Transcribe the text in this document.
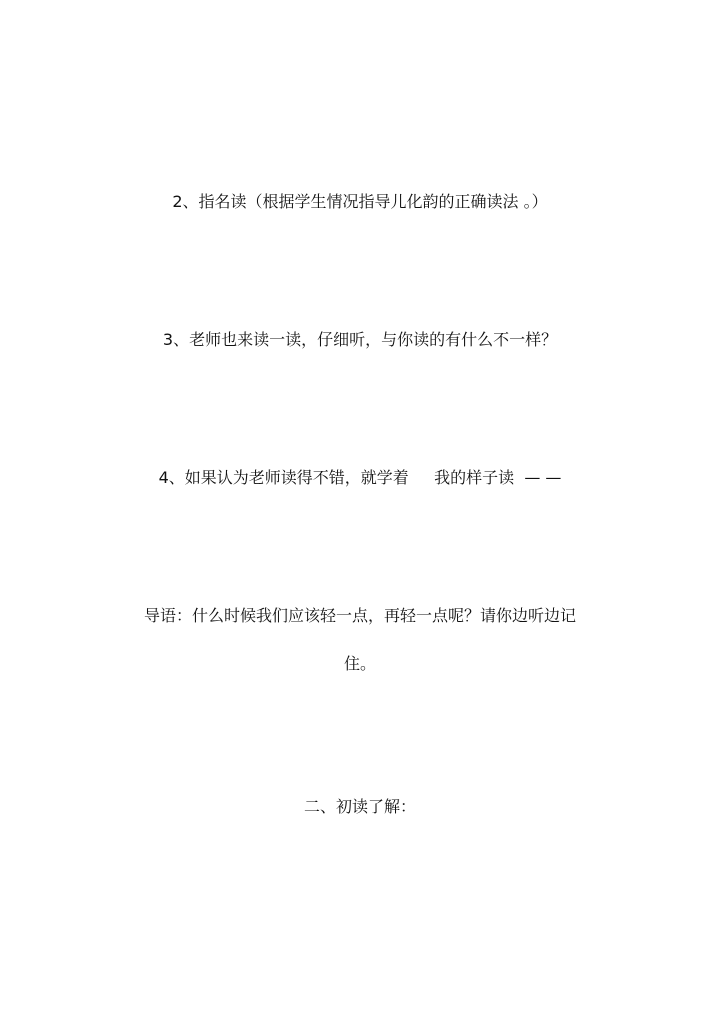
2、指名读（根据学生情况指导儿化韵的正确读法 。）
3、老师也来读一读，仔细听，与你读的有什么不一样？
4、如果认为老师读得不错，就学着     我的样子读  — —
导语：什么时候我们应该轻一点，再轻一点呢？请你边听边记
住。
二、初读了解：
